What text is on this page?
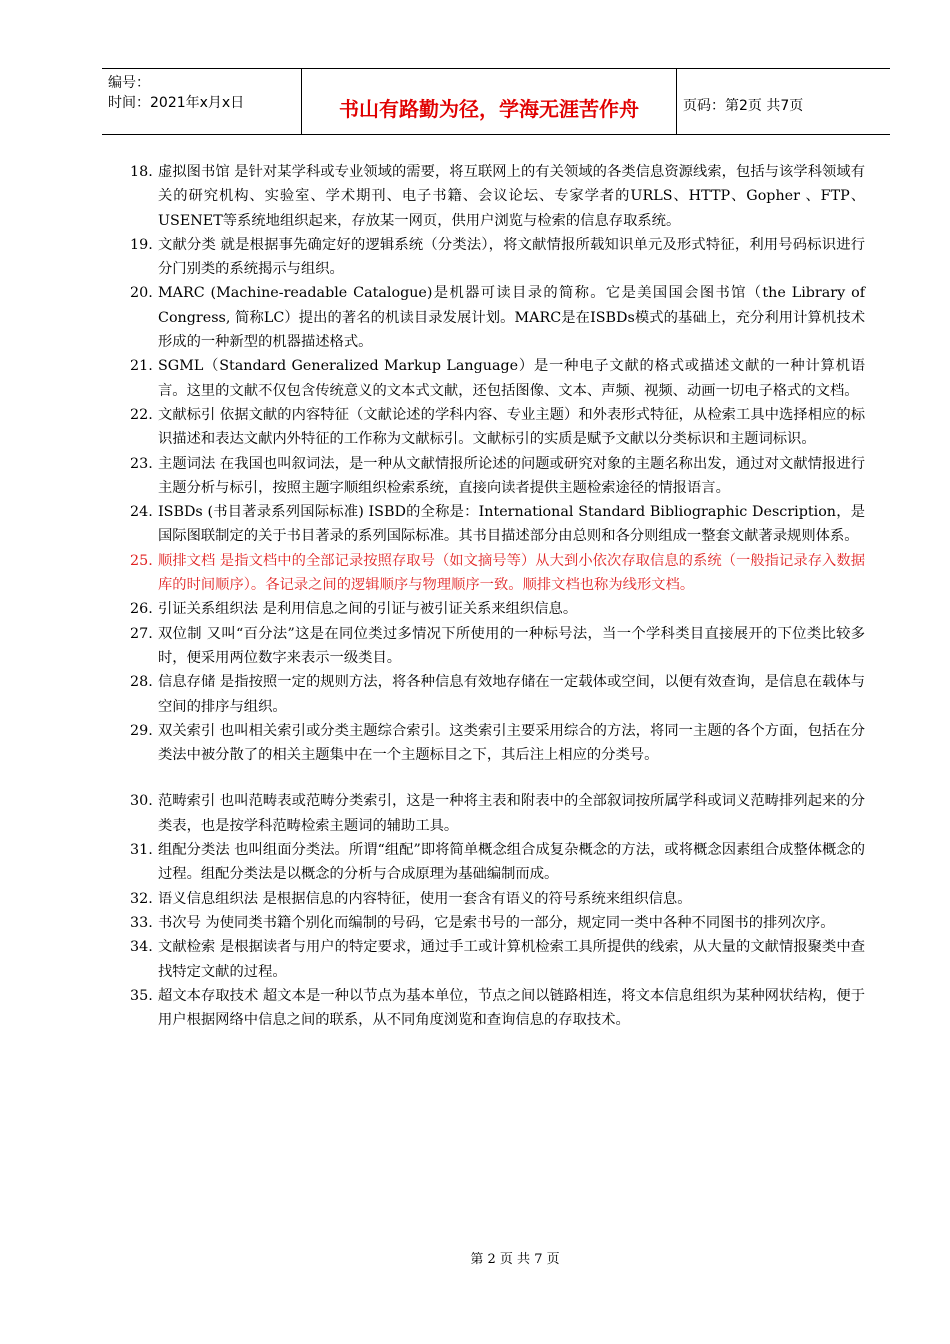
编号：
时间：2021年x月x日	书山有路勤为径，学海无涯苦作舟	页码：第2页 共7页
18. 虚拟图书馆 是针对某学科或专业领域的需要，将互联网上的有关领域的各类信息资源线索，包括与该学科领域有关的研究机构、实验室、学术期刊、电子书籍、会议论坛、专家学者的URLS、HTTP、Gopher 、FTP、 USENET等系统地组织起来，存放某一网页，供用户浏览与检索的信息存取系统。
19. 文献分类 就是根据事先确定好的逻辑系统（分类法），将文献情报所载知识单元及形式特征，利用号码标识进行分门别类的系统揭示与组织。
20. MARC (Machine-readable Catalogue)是机器可读目录的简称。它是美国国会图书馆（the Library of Congress, 简称LC）提出的著名的机读目录发展计划。MARC是在ISBDs模式的基础上，充分利用计算机技术形成的一种新型的机器描述格式。
21. SGML（Standard Generalized Markup Language）是一种电子文献的格式或描述文献的一种计算机语言。这里的文献不仅包含传统意义的文本式文献，还包括图像、文本、声频、视频、动画一切电子格式的文档。
22. 文献标引 依据文献的内容特征（文献论述的学科内容、专业主题）和外表形式特征，从检索工具中选择相应的标识描述和表达文献内外特征的工作称为文献标引。文献标引的实质是赋予文献以分类标识和主题词标识。
23. 主题词法 在我国也叫叙词法，是一种从文献情报所论述的问题或研究对象的主题名称出发，通过对文献情报进行主题分析与标引，按照主题字顺组织检索系统，直接向读者提供主题检索途径的情报语言。
24. ISBDs (书目著录系列国际标准) ISBD的全称是：International Standard Bibliographic Description，是国际图联制定的关于书目著录的系列国际标准。其书目描述部分由总则和各分则组成一整套文献著录规则体系。
25. 顺排文档 是指文档中的全部记录按照存取号（如文摘号等）从大到小依次存取信息的系统（一般指记录存入数据库的时间顺序）。各记录之间的逻辑顺序与物理顺序一致。顺排文档也称为线形文档。
26. 引证关系组织法 是利用信息之间的引证与被引证关系来组织信息。
27. 双位制 又叫“百分法”这是在同位类过多情况下所使用的一种标号法，当一个学科类目直接展开的下位类比较多时，便采用两位数字来表示一级类目。
28. 信息存储 是指按照一定的规则方法，将各种信息有效地存储在一定载体或空间，以便有效查询，是信息在载体与空间的排序与组织。
29. 双关索引 也叫相关索引或分类主题综合索引。这类索引主要采用综合的方法，将同一主题的各个方面，包括在分类法中被分散了的相关主题集中在一个主题标目之下，其后注上相应的分类号。
30. 范畴索引 也叫范畴表或范畴分类索引，这是一种将主表和附表中的全部叙词按所属学科或词义范畴排列起来的分类表，也是按学科范畴检索主题词的辅助工具。
31. 组配分类法 也叫组面分类法。所谓“组配”即将简单概念组合成复杂概念的方法，或将概念因素组合成整体概念的过程。组配分类法是以概念的分析与合成原理为基础编制而成。
32. 语义信息组织法 是根据信息的内容特征，使用一套含有语义的符号系统来组织信息。
33. 书次号 为使同类书籍个别化而编制的号码，它是索书号的一部分，规定同一类中各种不同图书的排列次序。
34. 文献检索 是根据读者与用户的特定要求，通过手工或计算机检索工具所提供的线索，从大量的文献情报聚类中查找特定文献的过程。
35. 超文本存取技术 超文本是一种以节点为基本单位，节点之间以链路相连，将文本信息组织为某种网状结构，便于用户根据网络中信息之间的联系，从不同角度浏览和查询信息的存取技术。
第 2 页 共 7 页
